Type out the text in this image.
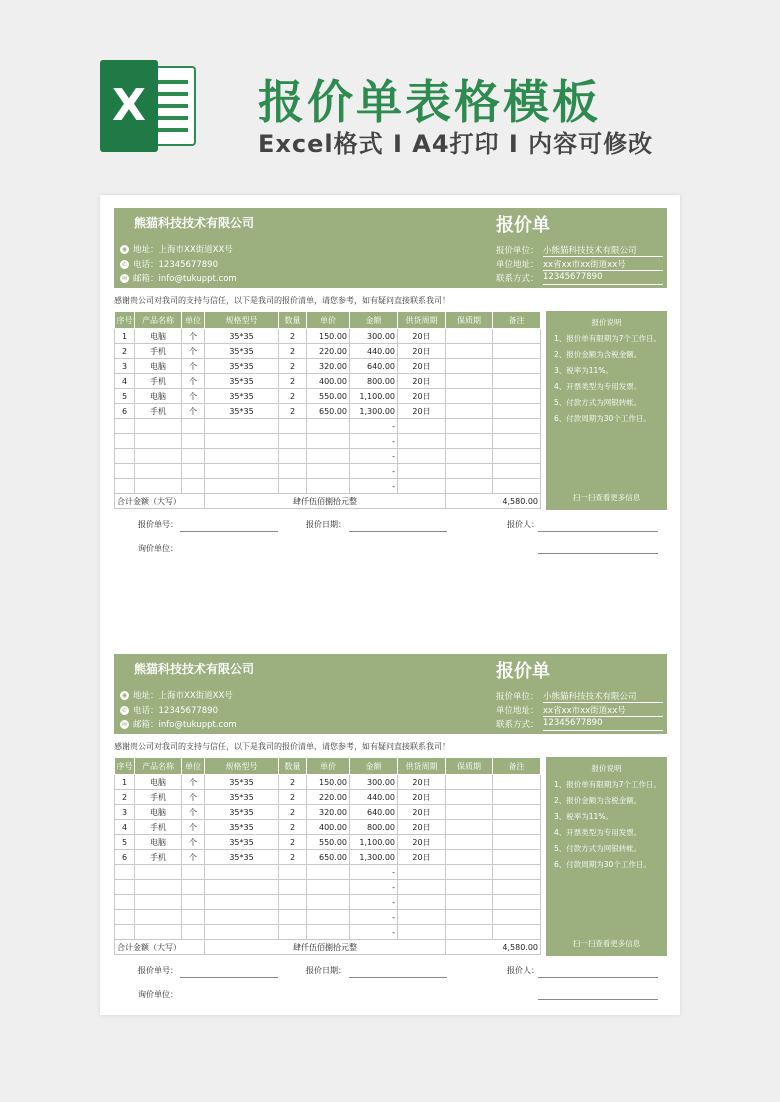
X 报价单表格模板
Excel格式 I A4打印 I 内容可修改
熊猫科技技术有限公司
◉ 地址：上海市XX街道XX号
✆ 电话：12345677890
✉ 邮箱：info@tukuppt.com
报价单
报价单位： 小熊猫科技技术有限公司
单位地址： xx省xx市xx街道xx号
联系方式： 12345677890
感谢贵公司对我司的支持与信任，以下是我司的报价清单，请您参考，如有疑问直接联系我司！
序号	产品名称	单位	规格型号	数量	单价	金额	供货周期	保质期	备注
1	电脑	个	35*35	2	150.00	300.00	20日		
2	手机	个	35*35	2	220.00	440.00	20日		
3	电脑	个	35*35	2	320.00	640.00	20日		
4	手机	个	35*35	2	400.00	800.00	20日		
5	电脑	个	35*35	2	550.00	1,100.00	20日		
6	手机	个	35*35	2	650.00	1,300.00	20日		
						-			
						-			
						-			
						-			
						-			
合计金额（大写）			肆仟伍佰捌拾元整					4,580.00	
报价说明
1、报价单有限期为7个工作日。
2、报价金额为含税金额。
3、税率为11%。
4、开票类型为专用发票。
5、付款方式为网银转帐。
6、付款周期为30个工作日。
扫一扫查看更多信息
报价单号：	报价日期：	报价人：
询价单位：
熊猫科技技术有限公司
◉ 地址：上海市XX街道XX号
✆ 电话：12345677890
✉ 邮箱：info@tukuppt.com
报价单
报价单位： 小熊猫科技技术有限公司
单位地址： xx省xx市xx街道xx号
联系方式： 12345677890
感谢贵公司对我司的支持与信任，以下是我司的报价清单，请您参考，如有疑问直接联系我司！
序号	产品名称	单位	规格型号	数量	单价	金额	供货周期	保质期	备注
1	电脑	个	35*35	2	150.00	300.00	20日		
2	手机	个	35*35	2	220.00	440.00	20日		
3	电脑	个	35*35	2	320.00	640.00	20日		
4	手机	个	35*35	2	400.00	800.00	20日		
5	电脑	个	35*35	2	550.00	1,100.00	20日		
6	手机	个	35*35	2	650.00	1,300.00	20日		
						-			
						-			
						-			
						-			
						-			
合计金额（大写）			肆仟伍佰捌拾元整					4,580.00	
报价说明
1、报价单有限期为7个工作日。
2、报价金额为含税金额。
3、税率为11%。
4、开票类型为专用发票。
5、付款方式为网银转帐。
6、付款周期为30个工作日。
扫一扫查看更多信息
报价单号：	报价日期：	报价人：
询价单位：
